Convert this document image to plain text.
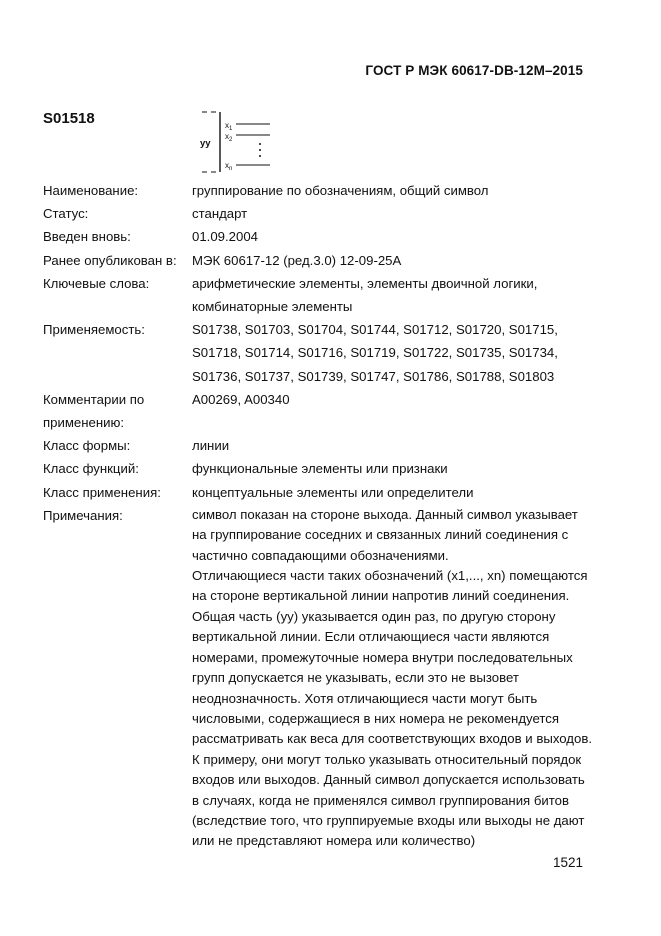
ГОСТ Р МЭК 60617-DB-12M–2015
S01518
yy
$x_1$
$x_2$
$x_n$
Наименование:	группирование по обозначениям, общий символ
Статус:	стандарт
Введен вновь:	01.09.2004
Ранее опубликован в:	МЭК 60617-12 (ред.3.0) 12-09-25A
Ключевые слова:	арифметические элементы, элементы двоичной логики,
комбинаторные элементы
Применяемость:	S01738, S01703, S01704, S01744, S01712, S01720, S01715,
S01718, S01714, S01716, S01719, S01722, S01735, S01734,
S01736, S01737, S01739, S01747, S01786, S01788, S01803
Комментарии по
применению:
A00269, A00340
Класс формы:	линии
Класс функций:	функциональные элементы или признаки
Класс применения:	концептуальные элементы или определители
Примечания:	символ показан на стороне выхода. Данный символ указывает
на группирование соседних и связанных линий соединения с
частично совпадающими обозначениями.
Отличающиеся части таких обозначений (x1,..., xn) помещаются
на стороне вертикальной линии напротив линий соединения.
Общая часть (yy) указывается один раз, по другую сторону
вертикальной линии. Если отличающиеся части являются
номерами, промежуточные номера внутри последовательных
групп допускается не указывать, если это не вызовет
неоднозначность. Хотя отличающиеся части могут быть
числовыми, содержащиеся в них номера не рекомендуется
рассматривать как веса для соответствующих входов и выходов.
К примеру, они могут только указывать относительный порядок
входов или выходов. Данный символ допускается использовать
в случаях, когда не применялся символ группирования битов
(вследствие того, что группируемые входы или выходы не дают
или не представляют номера или количество)
1521
